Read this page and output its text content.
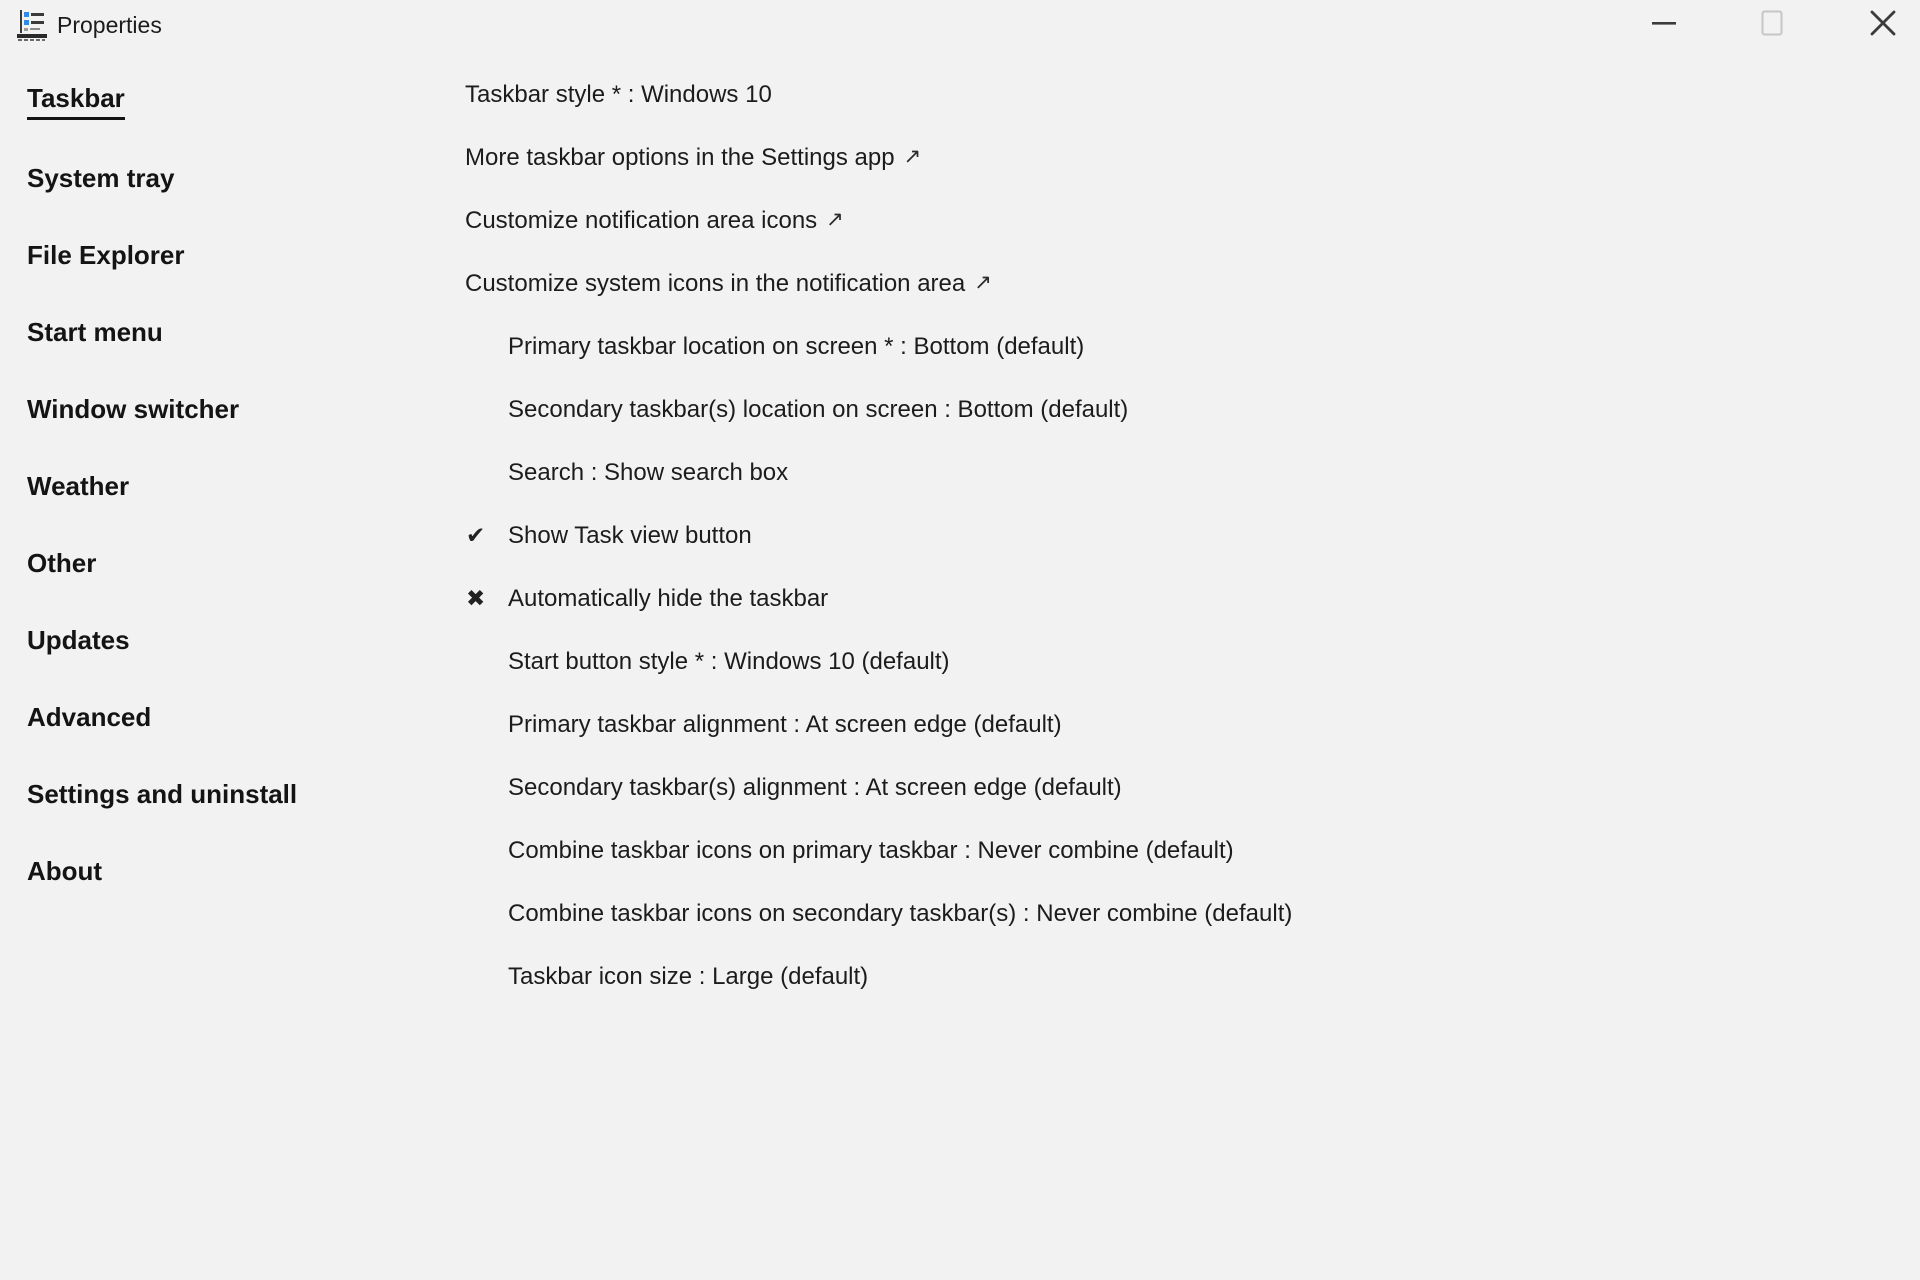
Properties
Taskbar
System tray
File Explorer
Start menu
Window switcher
Weather
Other
Updates
Advanced
Settings and uninstall
About
Taskbar style * : Windows 10
More taskbar options in the Settings app ↗
Customize notification area icons ↗
Customize system icons in the notification area ↗
Primary taskbar location on screen * : Bottom (default)
Secondary taskbar(s) location on screen : Bottom (default)
Search : Show search box
✔ Show Task view button
✖ Automatically hide the taskbar
Start button style * : Windows 10 (default)
Primary taskbar alignment : At screen edge (default)
Secondary taskbar(s) alignment : At screen edge (default)
Combine taskbar icons on primary taskbar : Never combine (default)
Combine taskbar icons on secondary taskbar(s) : Never combine (default)
Taskbar icon size : Large (default)
